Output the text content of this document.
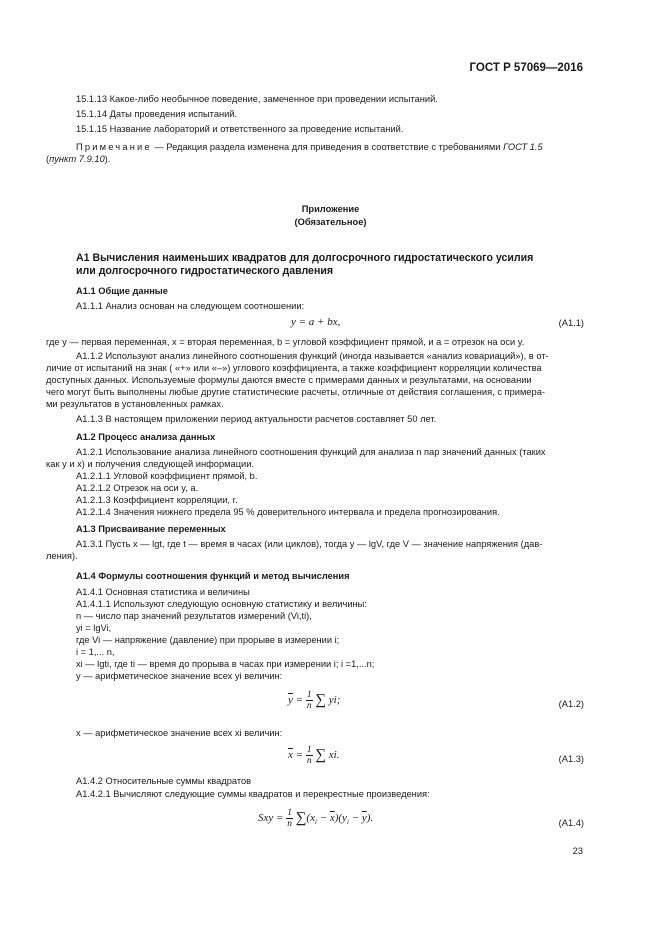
ГОСТ Р 57069—2016
15.1.13 Какое-либо необычное поведение, замеченное при проведении испытаний.
15.1.14 Даты проведения испытаний.
15.1.15 Название лабораторий и ответственного за проведение испытаний.
Примечание — Редакция раздела изменена для приведения в соответствие с требованиями ГОСТ 1.5
(пункт 7.9.10).
Приложение
(Обязательное)
А1 Вычисления наименьших квадратов для долгосрочного гидростатического усилия
или долгосрочного гидростатического давления
А1.1 Общие данные
А1.1.1 Анализ основан на следующем соотношении:
y = a + bx,	(А1.1)
где y — первая переменная, x = вторая переменная, b = угловой коэффициент прямой, и a = отрезок на оси y.
А1.1.2 Используют анализ линейного соотношения функций (иногда называется «анализ ковариаций»), в от-
личие от испытаний на знак ( «+» или «–») углового коэффициента, а также коэффициент корреляции количества
доступных данных. Используемые формулы даются вместе с примерами данных и результатами, на основании
чего могут быть выполнены любые другие статистические расчеты, отличные от действия соглашения, с примера-
ми результатов в установленных рамках.
А1.1.3 В настоящем приложении период актуальности расчетов составляет 50 лет.
А1.2 Процесс анализа данных
А1.2.1 Использование анализа линейного соотношения функций для анализа n пар значений данных (таких
как y и x) и получения следующей информации.
А1.2.1.1 Угловой коэффициент прямой, b.
А1.2.1.2 Отрезок на оси y, a.
А1.2.1.3 Коэффициент корреляции, r.
А1.2.1.4 Значения нижнего предела 95 % доверительного интервала и предела прогнозирования.
А1.3 Присваивание переменных
А1.3.1 Пусть x — lgt, где t — время в часах (или циклов), тогда y — lgV, где V — значение напряжения (дав-
ления).
А1.4 Формулы соотношения функций и метод вычисления
А1.4.1 Основная статистика и величины
А1.4.1.1 Используют следующую основную статистику и величины:
n — число пар значений результатов измерений (Vi,ti),
yi = lgVi,
где Vi — напряжение (давление) при прорыве в измерении i;
i = 1,... n,
xi — lgti, где ti — время до прорыва в часах при измерении i; i =1,...n;
y — арифметическое значение всех yi величин:
$\overline{y} = \frac{1}{n}$ ∑ yi;	(А1.2)
x — арифметическое значение всех xi величин:
$\overline{x} = \frac{1}{n}$ ∑ xi.	(А1.3)
А1.4.2 Относительные суммы квадратов
А1.4.2.1 Вычисляют следующие суммы квадратов и перекрестные произведения:
Sxy = $\frac{1}{n} \sum(x_i - \overline{x})(y_i - \overline{y})$.	(А1.4)
23
